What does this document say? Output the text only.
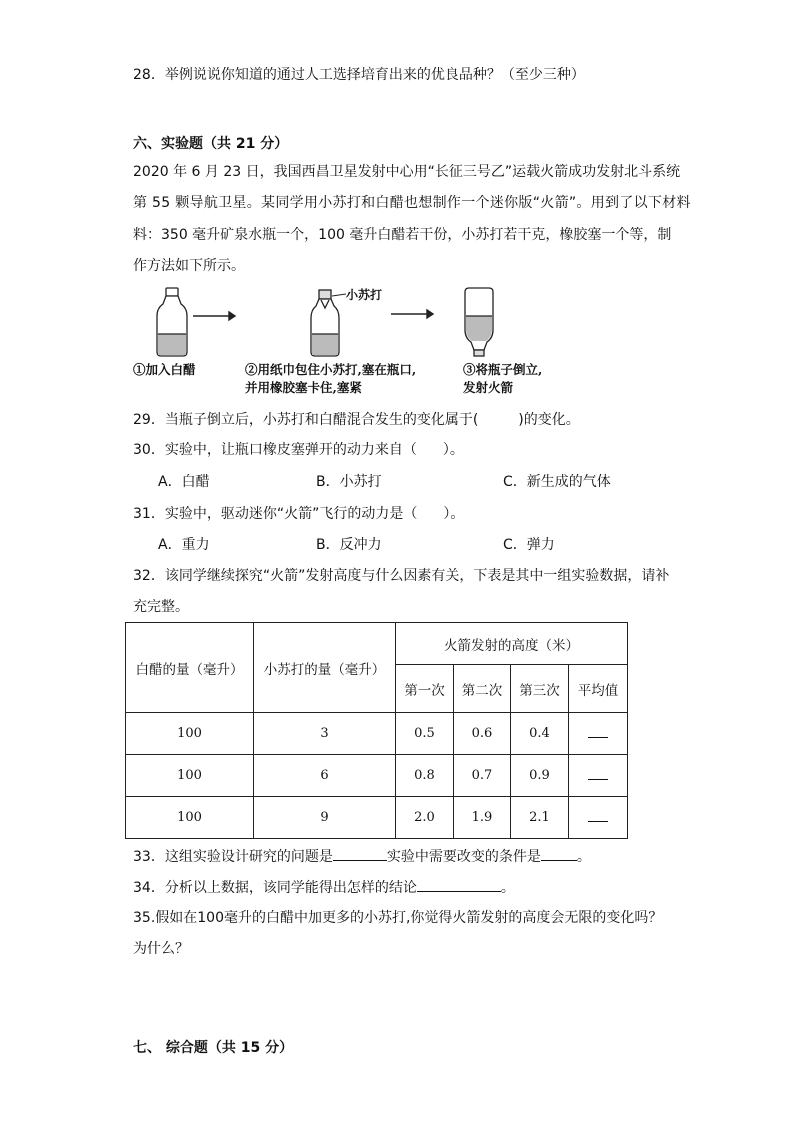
28．举例说说你知道的通过人工选择培育出来的优良品种？（至少三种）
六、实验题（共 21 分）
2020 年 6 月 23 日，我国西昌卫星发射中心用“长征三号乙”运载火箭成功发射北斗系统
第 55 颗导航卫星。某同学用小苏打和白醋也想制作一个迷你版“火箭”。用到了以下材料
料：350 毫升矿泉水瓶一个，100 毫升白醋若干份，小苏打若干克，橡胶塞一个等，制
作方法如下所示。
小苏打
①加入白醋	②用纸巾包住小苏打,塞在瓶口,
并用橡胶塞卡住,塞紧
③将瓶子倒立,
发射火箭
29．当瓶子倒立后，小苏打和白醋混合发生的变化属于(	)的变化。
30．实验中，让瓶口橡皮塞弹开的动力来自（ ）。
A．白醋	B．小苏打	C．新生成的气体
31．实验中，驱动迷你“火箭”飞行的动力是（ ）。
A．重力	B．反冲力	C．弹力
32．该同学继续探究“火箭”发射高度与什么因素有关，下表是其中一组实验数据，请补
充完整。
白醋的量（毫升）	小苏打的量（毫升）	火箭发射的高度（米）			
		第一次	第二次	第三次	平均值
100	3	0.5	0.6	0.4	
100	6	0.8	0.7	0.9	
100	9	2.0	1.9	2.1	
33．这组实验设计研究的问题是	实验中需要改变的条件是	。
34．分析以上数据，该同学能得出怎样的结论	。
35.假如在100毫升的白醋中加更多的小苏打,你觉得火箭发射的高度会无限的变化吗？
为什么？
七、 综合题（共 15 分）
